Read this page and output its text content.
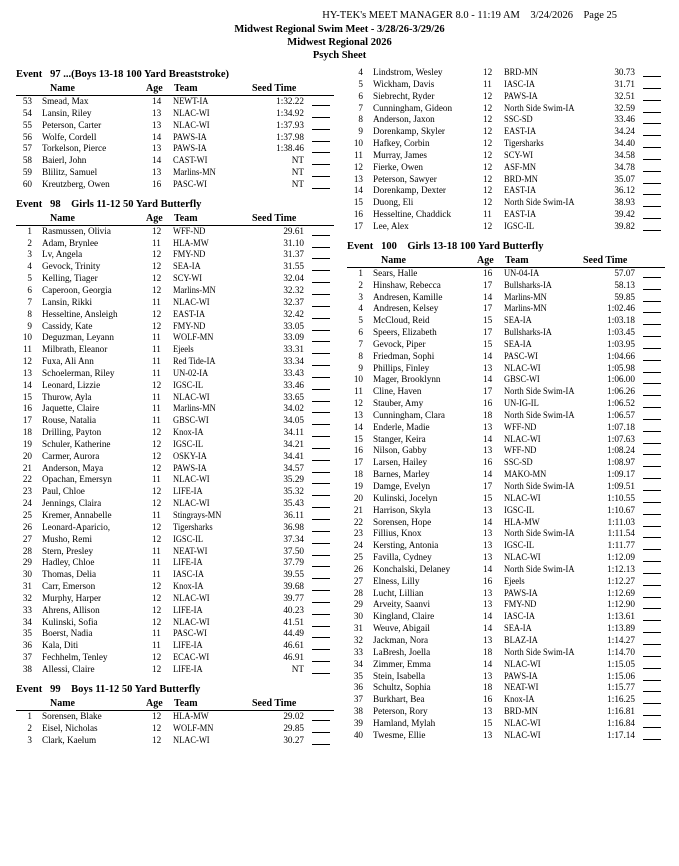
HY-TEK's MEET MANAGER 8.0 - 11:19 AM    3/24/2026    Page 25
Midwest Regional Swim Meet - 3/28/26-3/29/26
Midwest Regional 2026
Psych Sheet
Event   97 ...(Boys 13-18 100 Yard Breaststroke)
Name	Age Team	Seed Time
53 Smead, Max	14 NEWT-IA	1:32.22
54 Lansin, Riley	13 NLAC-WI	1:34.92
55 Peterson, Carter	13 NLAC-WI	1:37.93
56 Wolfe, Cordell	14 PAWS-IA	1:37.98
57 Torkelson, Pierce	13 PAWS-IA	1:38.46
58 Baierl, John	14 CAST-WI	NT
59 Blilitz, Samuel	13 Marlins-MN	NT
60 Kreutzberg, Owen	16 PASC-WI	NT
Event   98    Girls 11-12 50 Yard Butterfly
Name	Age Team	Seed Time
1 Rasmussen, Olivia	12 WFF-ND	29.61
2 Adam, Brynlee	11 HLA-MW	31.10
3 Lv, Angela	12 FMY-ND	31.37
4 Gevock, Trinity	12 SEA-IA	31.55
5 Kelling, Tiager	12 SCY-WI	32.04
6 Caperoon, Georgia	12 Marlins-MN	32.32
7 Lansin, Rikki	11 NLAC-WI	32.37
8 Hesseltine, Ansleigh	12 EAST-IA	32.42
9 Cassidy, Kate	12 FMY-ND	33.05
10 Deguzman, Leyann	11 WOLF-MN	33.09
11 Milbrath, Eleanor	11 Ejeels	33.31
12 Fuxa, Ali Ann	11 Red Tide-IA	33.34
13 Schoelerman, Riley	11 UN-02-IA	33.43
14 Leonard, Lizzie	12 IGSC-IL	33.46
15 Thurow, Ayla	11 NLAC-WI	33.65
16 Jaquette, Claire	11 Marlins-MN	34.02
17 Rouse, Natalia	11 GBSC-WI	34.05
18 Drilling, Payton	12 Knox-IA	34.11
19 Schuler, Katherine	12 IGSC-IL	34.21
20 Carmer, Aurora	12 OSKY-IA	34.41
21 Anderson, Maya	12 PAWS-IA	34.57
22 Opachan, Emersyn	11 NLAC-WI	35.29
23 Paul, Chloe	12 LIFE-IA	35.32
24 Jennings, Claira	12 NLAC-WI	35.43
25 Kremer, Annabelle	11 Stingrays-MN	36.11
26 Leonard-Aparicio,	12 Tigersharks	36.98
27 Musho, Remi	12 IGSC-IL	37.34
28 Stern, Presley	11 NEAT-WI	37.50
29 Hadley, Chloe	11 LIFE-IA	37.79
30 Thomas, Delia	11 IASC-IA	39.55
31 Carr, Emerson	12 Knox-IA	39.68
32 Murphy, Harper	12 NLAC-WI	39.77
33 Ahrens, Allison	12 LIFE-IA	40.23
34 Kulinski, Sofia	12 NLAC-WI	41.51
35 Boerst, Nadia	11 PASC-WI	44.49
36 Kala, Diti	11 LIFE-IA	46.61
37 Fechhelm, Tenley	12 ECAC-WI	46.91
38 Allessi, Claire	12 LIFE-IA	NT
Event   99    Boys 11-12 50 Yard Butterfly
Name	Age Team	Seed Time
1 Sorensen, Blake	12 HLA-MW	29.02
2 Eisel, Nicholas	12 WOLF-MN	29.85
3 Clark, Kaelum	12 NLAC-WI	30.27
4 Lindstrom, Wesley	12 BRD-MN	30.73
5 Wickham, Davis	11 IASC-IA	31.71
6 Siebrecht, Ryder	12 PAWS-IA	32.51
7 Cunningham, Gideon	12 North Side Swim-IA	32.59
8 Anderson, Jaxon	12 SSC-SD	33.46
9 Dorenkamp, Skyler	12 EAST-IA	34.24
10 Hafkey, Corbin	12 Tigersharks	34.40
11 Murray, James	12 SCY-WI	34.58
12 Fierke, Owen	12 ASF-MN	34.78
13 Peterson, Sawyer	12 BRD-MN	35.07
14 Dorenkamp, Dexter	12 EAST-IA	36.12
15 Duong, Eli	12 North Side Swim-IA	38.93
16 Hesseltine, Chaddick	11 EAST-IA	39.42
17 Lee, Alex	12 IGSC-IL	39.82
Event   100    Girls 13-18 100 Yard Butterfly
Name	Age Team	Seed Time
1 Sears, Halle	16 UN-04-IA	57.07
2 Hinshaw, Rebecca	17 Bullsharks-IA	58.13
3 Andresen, Kamille	14 Marlins-MN	59.85
4 Andresen, Kelsey	17 Marlins-MN	1:02.46
5 McCloud, Reid	15 SEA-IA	1:03.18
6 Speers, Elizabeth	17 Bullsharks-IA	1:03.45
7 Gevock, Piper	15 SEA-IA	1:03.95
8 Friedman, Sophi	14 PASC-WI	1:04.66
9 Phillips, Finley	13 NLAC-WI	1:05.98
10 Mager, Brooklynn	14 GBSC-WI	1:06.00
11 Cline, Haven	17 North Side Swim-IA	1:06.26
12 Stauber, Amy	16 UN-IG-IL	1:06.52
13 Cunningham, Clara	18 North Side Swim-IA	1:06.57
14 Enderle, Madie	13 WFF-ND	1:07.18
15 Stanger, Keira	14 NLAC-WI	1:07.63
16 Nilson, Gabby	13 WFF-ND	1:08.24
17 Larsen, Hailey	16 SSC-SD	1:08.97
18 Barnes, Marley	14 MAKO-MN	1:09.17
19 Damge, Evelyn	17 North Side Swim-IA	1:09.51
20 Kulinski, Jocelyn	15 NLAC-WI	1:10.55
21 Harrison, Skyla	13 IGSC-IL	1:10.67
22 Sorensen, Hope	14 HLA-MW	1:11.03
23 Fillius, Knox	13 North Side Swim-IA	1:11.54
24 Kersting, Antonia	13 IGSC-IL	1:11.77
25 Favilla, Cydney	13 NLAC-WI	1:12.09
26 Konchalski, Delaney	14 North Side Swim-IA	1:12.13
27 Elness, Lilly	16 Ejeels	1:12.27
28 Lucht, Lillian	13 PAWS-IA	1:12.69
29 Arveity, Saanvi	13 FMY-ND	1:12.90
30 Kingland, Claire	14 IASC-IA	1:13.61
31 Weuve, Abigail	14 SEA-IA	1:13.89
32 Jackman, Nora	13 BLAZ-IA	1:14.27
33 LaBresh, Joella	18 North Side Swim-IA	1:14.70
34 Zimmer, Emma	14 NLAC-WI	1:15.05
35 Stein, Isabella	13 PAWS-IA	1:15.06
36 Schultz, Sophia	18 NEAT-WI	1:15.77
37 Burkhart, Bea	16 Knox-IA	1:16.25
38 Peterson, Rory	13 BRD-MN	1:16.81
39 Hamland, Mylah	15 NLAC-WI	1:16.84
40 Twesme, Ellie	13 NLAC-WI	1:17.14
